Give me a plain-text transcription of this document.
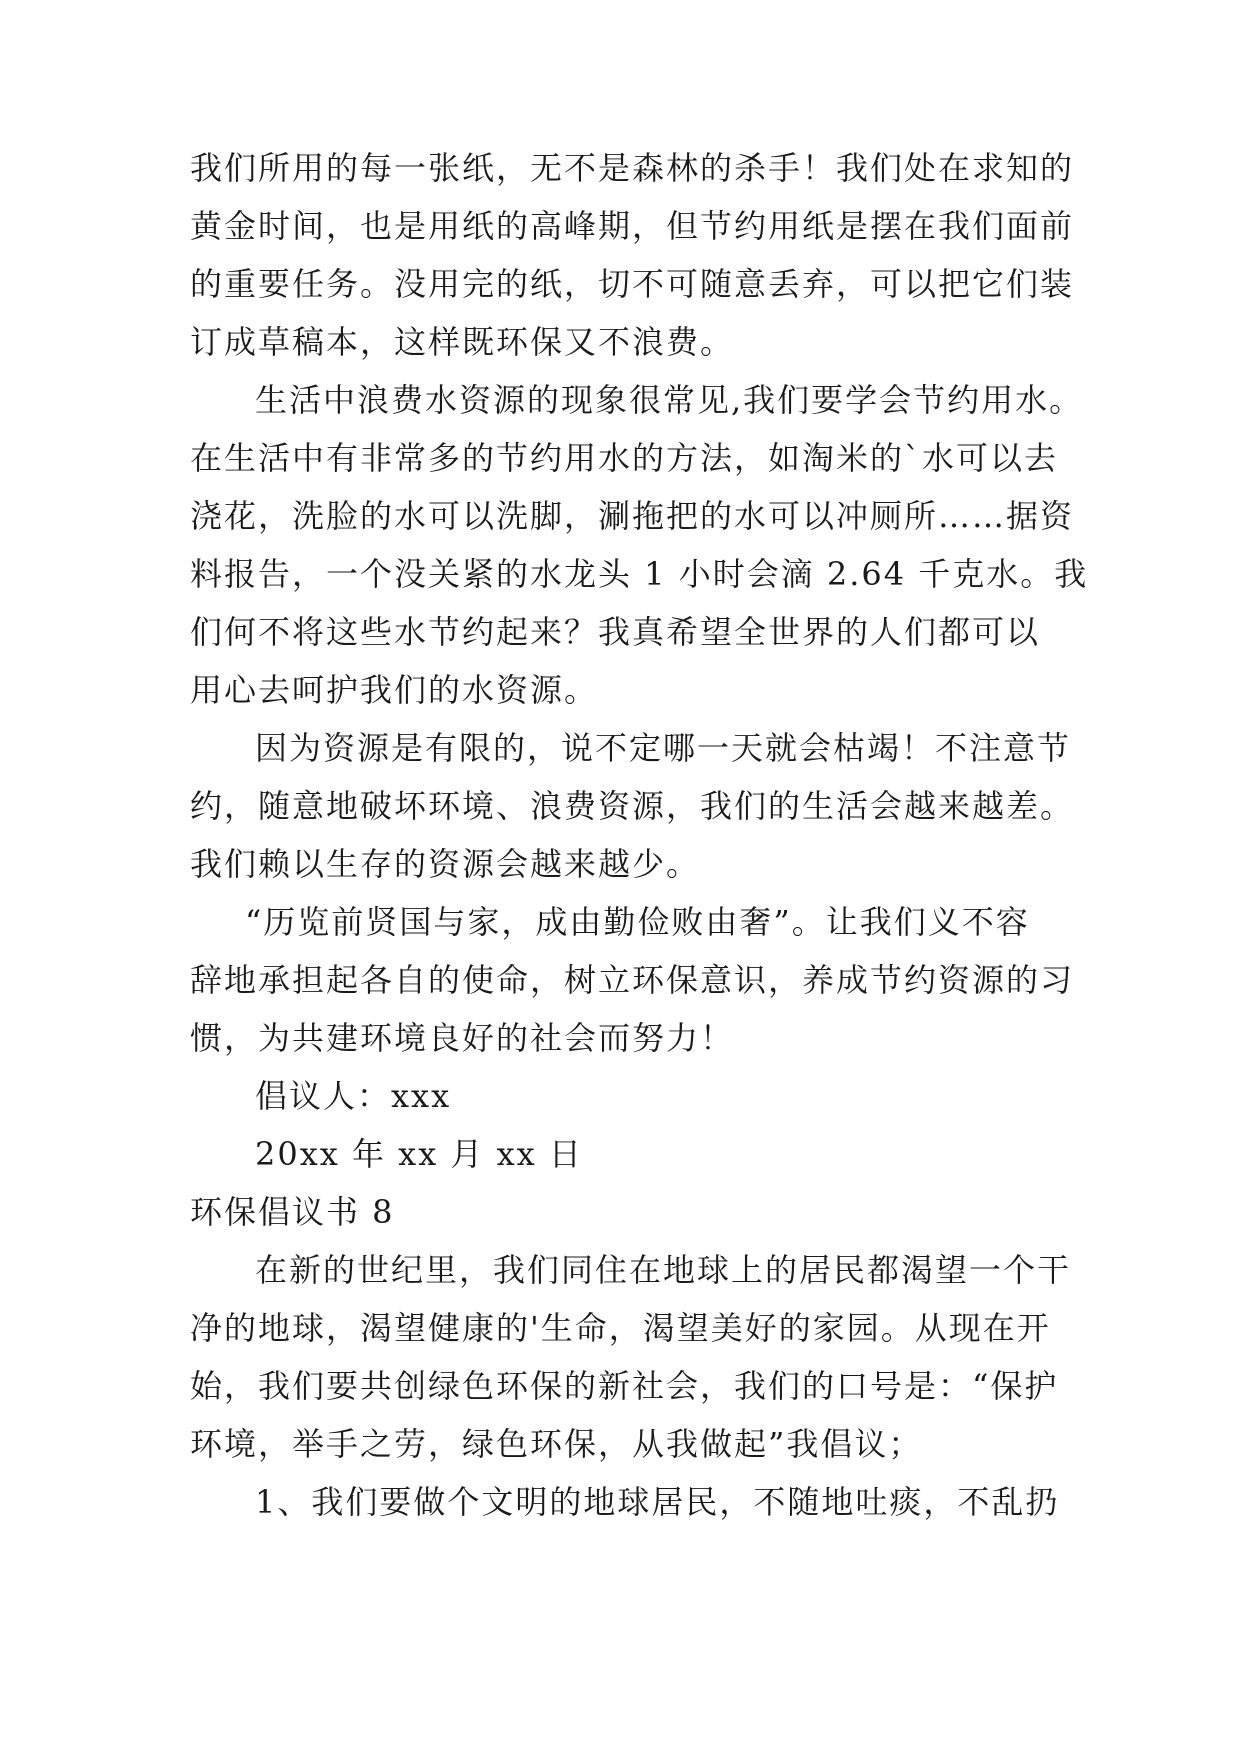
我们所用的每一张纸，无不是森林的杀手！我们处在求知的
黄金时间，也是用纸的高峰期，但节约用纸是摆在我们面前
的重要任务。没用完的纸，切不可随意丢弃，可以把它们装
订成草稿本，这样既环保又不浪费。
生活中浪费水资源的现象很常见,我们要学会节约用水。
在生活中有非常多的节约用水的方法，如淘米的`水可以去
浇花，洗脸的水可以洗脚，涮拖把的水可以冲厕所……据资
料报告，一个没关紧的水龙头 1 小时会滴 2.64 千克水。我
们何不将这些水节约起来？我真希望全世界的人们都可以
用心去呵护我们的水资源。
因为资源是有限的，说不定哪一天就会枯竭！不注意节
约，随意地破坏环境、浪费资源，我们的生活会越来越差。
我们赖以生存的资源会越来越少。
“历览前贤国与家，成由勤俭败由奢”。让我们义不容
辞地承担起各自的使命，树立环保意识，养成节约资源的习
惯，为共建环境良好的社会而努力！
倡议人：xxx
20xx 年 xx 月 xx 日
环保倡议书 8
在新的世纪里，我们同住在地球上的居民都渴望一个干
净的地球，渴望健康的'生命，渴望美好的家园。从现在开
始，我们要共创绿色环保的新社会，我们的口号是：“保护
环境，举手之劳，绿色环保，从我做起”我倡议；
1、我们要做个文明的地球居民，不随地吐痰，不乱扔
